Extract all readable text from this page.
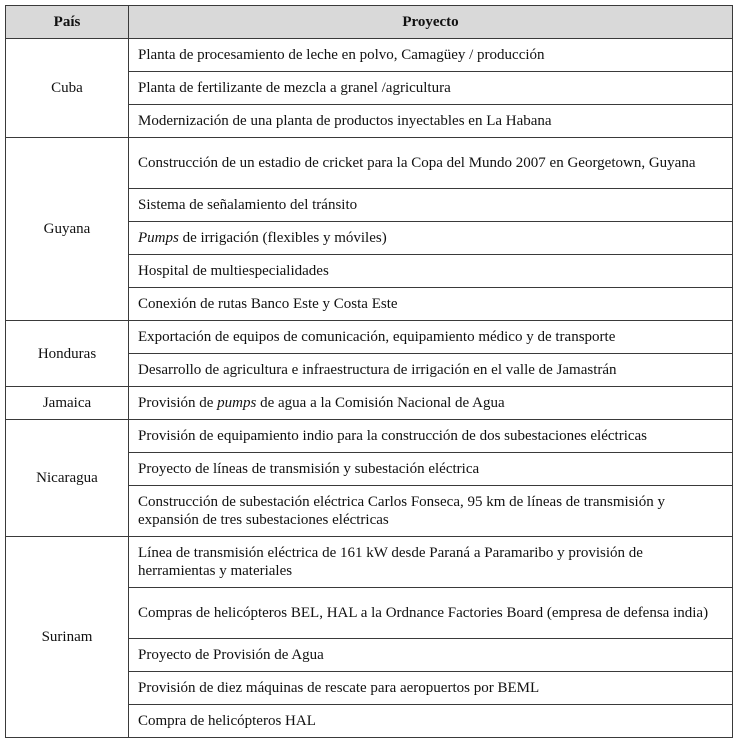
País	Proyecto
Cuba	Planta de procesamiento de leche en polvo, Camagüey / producción
	Planta de fertilizante de mezcla a granel /agricultura
	Modernización de una planta de productos inyectables en La Habana
Guyana	Construcción de un estadio de cricket para la Copa del Mundo 2007 en Georgetown, Guyana
	Sistema de señalamiento del tránsito
	Pumps de irrigación (flexibles y móviles)
	Hospital de multiespecialidades
	Conexión de rutas Banco Este y Costa Este
Honduras	Exportación de equipos de comunicación, equipamiento médico y de transporte
	Desarrollo de agricultura e infraestructura de irrigación en el valle de Jamastrán
Jamaica	Provisión de pumps de agua a la Comisión Nacional de Agua
Nicaragua	Provisión de equipamiento indio para la construcción de dos subestaciones eléctricas
	Proyecto de líneas de transmisión y subestación eléctrica
	Construcción de subestación eléctrica Carlos Fonseca, 95 km de líneas de transmisión y expansión de tres subestaciones eléctricas
Surinam	Línea de transmisión eléctrica de 161 kW desde Paraná a Paramaribo y provisión de herramientas y materiales
	Compras de helicópteros BEL, HAL a la Ordnance Factories Board (empresa de defensa india)
	Proyecto de Provisión de Agua
	Provisión de diez máquinas de rescate para aeropuertos por BEML
	Compra de helicópteros HAL
